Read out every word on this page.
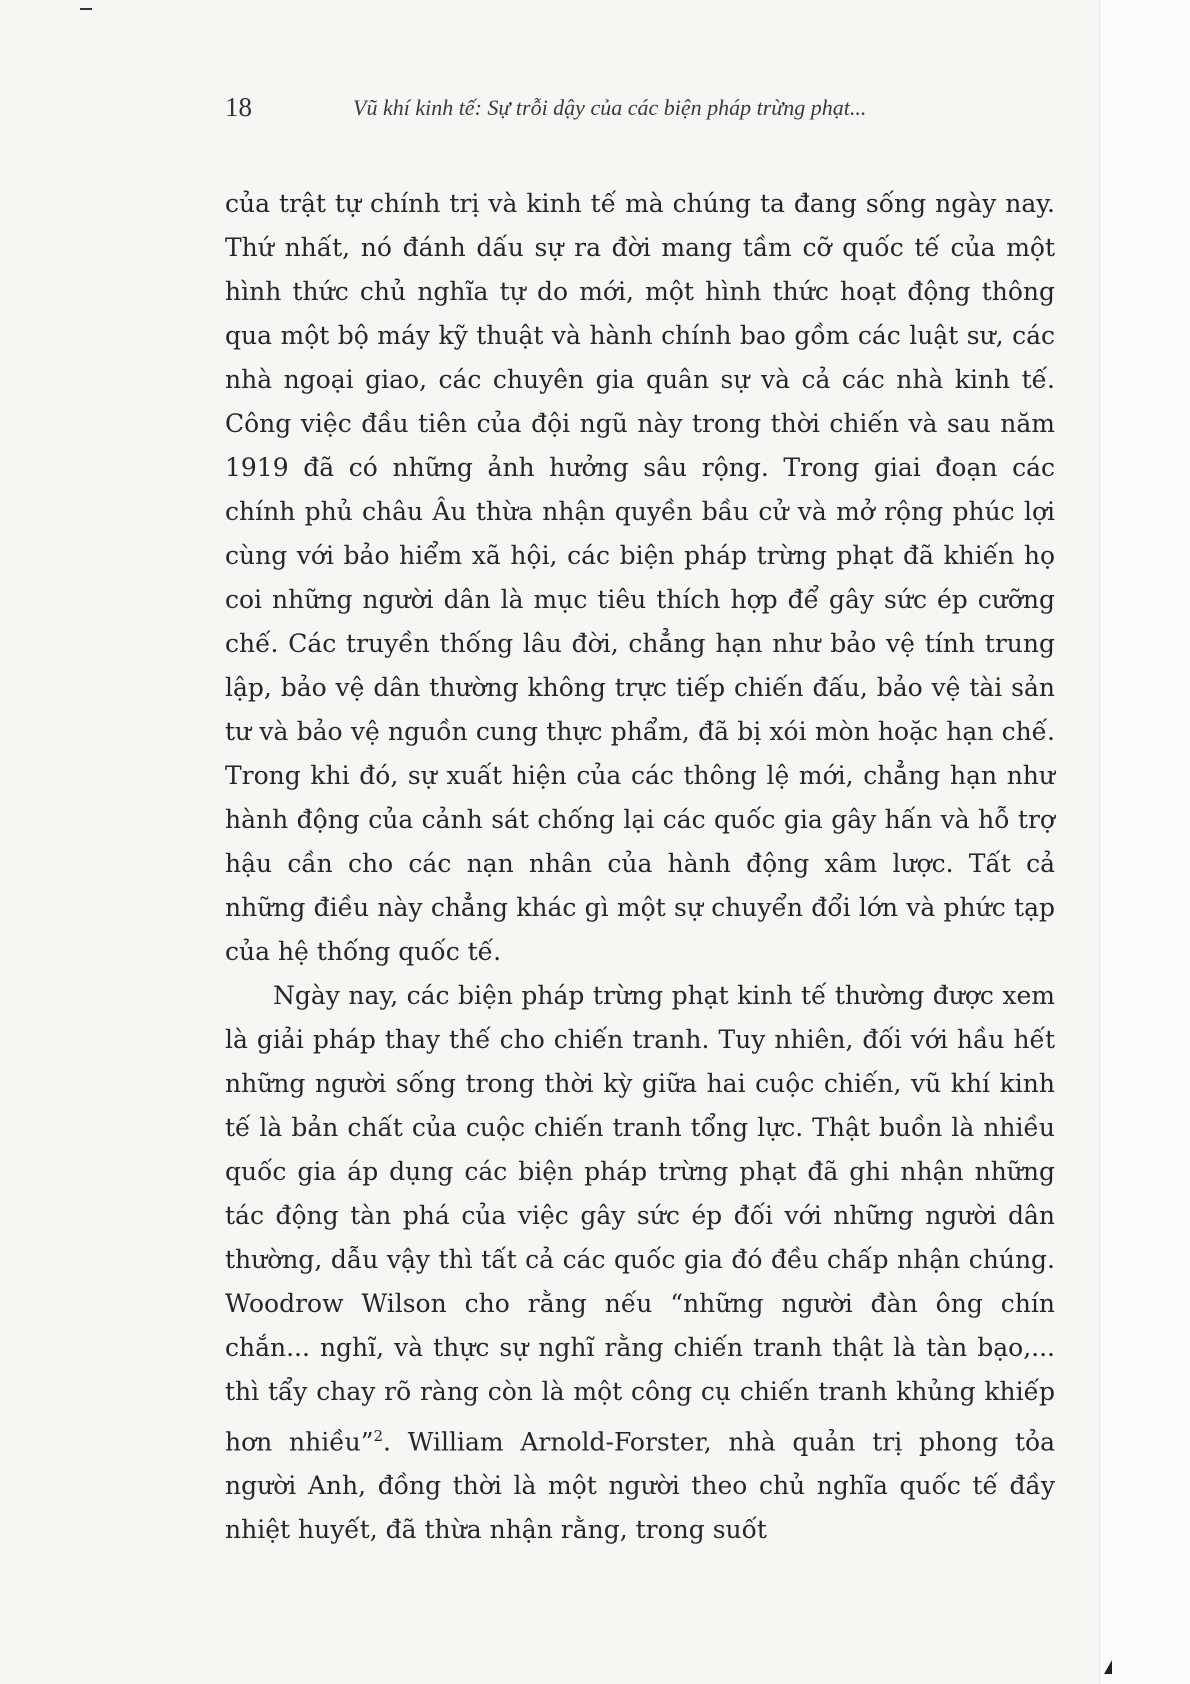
18	Vũ khí kinh tế: Sự trỗi dậy của các biện pháp trừng phạt...

của trật tự chính trị và kinh tế mà chúng ta đang sống ngày nay. Thứ nhất, nó đánh dấu sự ra đời mang tầm cỡ quốc tế của một hình thức chủ nghĩa tự do mới, một hình thức hoạt động thông qua một bộ máy kỹ thuật và hành chính bao gồm các luật sư, các nhà ngoại giao, các chuyên gia quân sự và cả các nhà kinh tế. Công việc đầu tiên của đội ngũ này trong thời chiến và sau năm 1919 đã có những ảnh hưởng sâu rộng. Trong giai đoạn các chính phủ châu Âu thừa nhận quyền bầu cử và mở rộng phúc lợi cùng với bảo hiểm xã hội, các biện pháp trừng phạt đã khiến họ coi những người dân là mục tiêu thích hợp để gây sức ép cưỡng chế. Các truyền thống lâu đời, chẳng hạn như bảo vệ tính trung lập, bảo vệ dân thường không trực tiếp chiến đấu, bảo vệ tài sản tư và bảo vệ nguồn cung thực phẩm, đã bị xói mòn hoặc hạn chế. Trong khi đó, sự xuất hiện của các thông lệ mới, chẳng hạn như hành động của cảnh sát chống lại các quốc gia gây hấn và hỗ trợ hậu cần cho các nạn nhân của hành động xâm lược. Tất cả những điều này chẳng khác gì một sự chuyển đổi lớn và phức tạp của hệ thống quốc tế.

Ngày nay, các biện pháp trừng phạt kinh tế thường được xem là giải pháp thay thế cho chiến tranh. Tuy nhiên, đối với hầu hết những người sống trong thời kỳ giữa hai cuộc chiến, vũ khí kinh tế là bản chất của cuộc chiến tranh tổng lực. Thật buồn là nhiều quốc gia áp dụng các biện pháp trừng phạt đã ghi nhận những tác động tàn phá của việc gây sức ép đối với những người dân thường, dẫu vậy thì tất cả các quốc gia đó đều chấp nhận chúng. Woodrow Wilson cho rằng nếu “những người đàn ông chín chắn... nghĩ, và thực sự nghĩ rằng chiến tranh thật là tàn bạo,... thì tẩy chay rõ ràng còn là một công cụ chiến tranh khủng khiếp hơn nhiều”$^2$. William Arnold-Forster, nhà quản trị phong tỏa người Anh, đồng thời là một người theo chủ nghĩa quốc tế đầy nhiệt huyết, đã thừa nhận rằng, trong suốt
